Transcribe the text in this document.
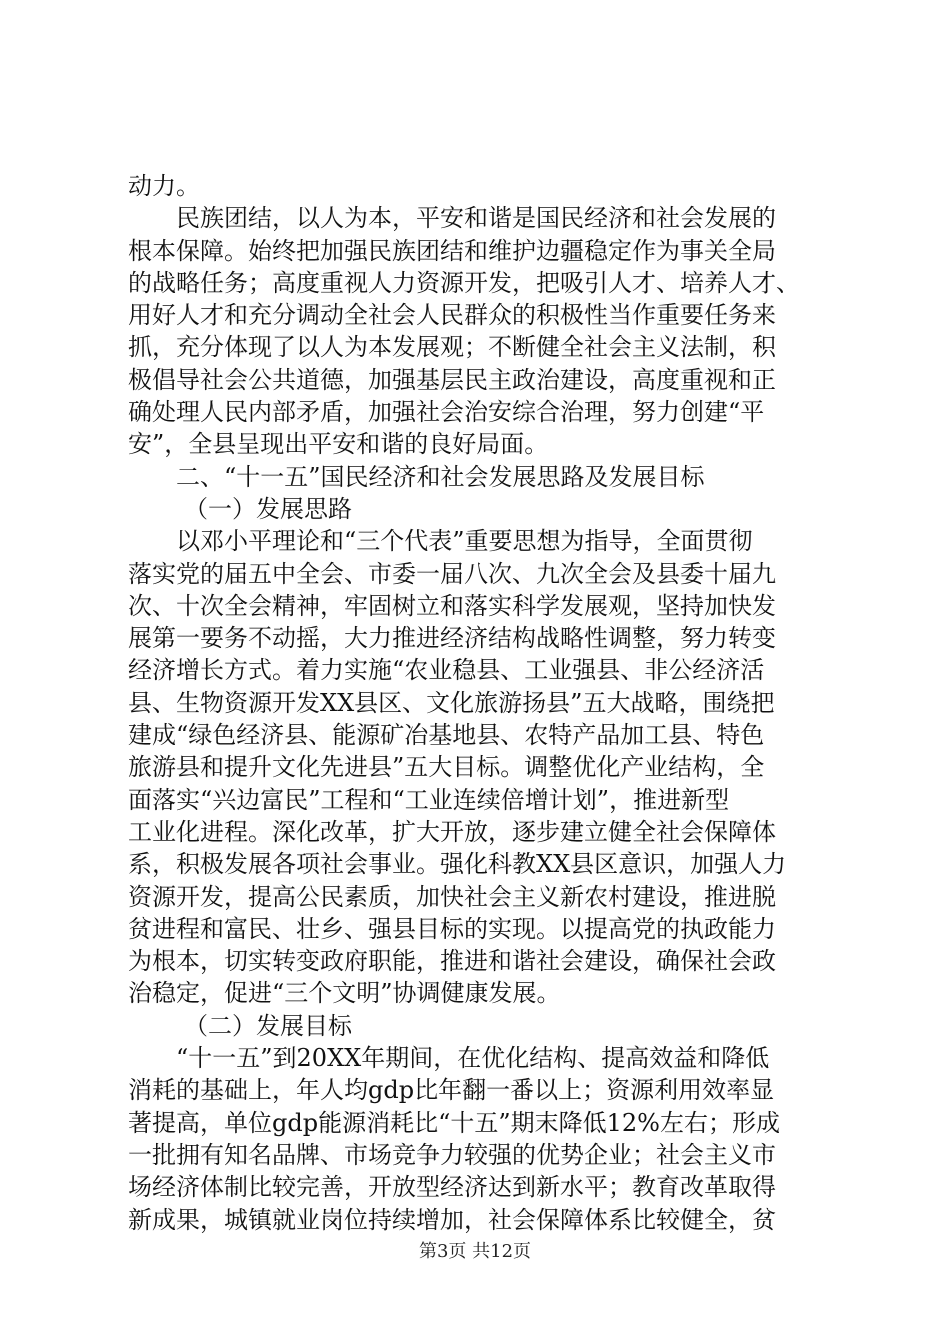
动力。
民族团结，以人为本，平安和谐是国民经济和社会发展的
根本保障。始终把加强民族团结和维护边疆稳定作为事关全局
的战略任务；高度重视人力资源开发，把吸引人才、培养人才、
用好人才和充分调动全社会人民群众的积极性当作重要任务来
抓，充分体现了以人为本发展观；不断健全社会主义法制，积
极倡导社会公共道德，加强基层民主政治建设，高度重视和正
确处理人民内部矛盾，加强社会治安综合治理，努力创建“平
安”，全县呈现出平安和谐的良好局面。
二、“十一五”国民经济和社会发展思路及发展目标
（一）发展思路
以邓小平理论和“三个代表”重要思想为指导，全面贯彻
落实党的届五中全会、市委一届八次、九次全会及县委十届九
次、十次全会精神，牢固树立和落实科学发展观，坚持加快发
展第一要务不动摇，大力推进经济结构战略性调整，努力转变
经济增长方式。着力实施“农业稳县、工业强县、非公经济活
县、生物资源开发XX县区、文化旅游扬县”五大战略，围绕把
建成“绿色经济县、能源矿冶基地县、农特产品加工县、特色
旅游县和提升文化先进县”五大目标。调整优化产业结构，全
面落实“兴边富民”工程和“工业连续倍增计划”，推进新型
工业化进程。深化改革，扩大开放，逐步建立健全社会保障体
系，积极发展各项社会事业。强化科教XX县区意识，加强人力
资源开发，提高公民素质，加快社会主义新农村建设，推进脱
贫进程和富民、壮乡、强县目标的实现。以提高党的执政能力
为根本，切实转变政府职能，推进和谐社会建设，确保社会政
治稳定，促进“三个文明”协调健康发展。
（二）发展目标
“十一五”到20XX年期间，在优化结构、提高效益和降低
消耗的基础上，年人均gdp比年翻一番以上；资源利用效率显
著提高，单位gdp能源消耗比“十五”期末降低12%左右；形成
一批拥有知名品牌、市场竞争力较强的优势企业；社会主义市
场经济体制比较完善，开放型经济达到新水平；教育改革取得
新成果，城镇就业岗位持续增加，社会保障体系比较健全，贫
第3页 共12页
